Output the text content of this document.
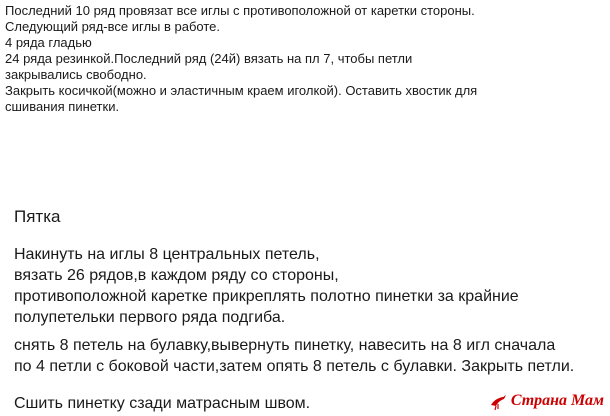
Последний 10 ряд провязат все иглы с противоположной от каретки стороны.
Следующий ряд-все иглы в работе.
4 ряда гладью
24 ряда резинкой.Последний ряд (24й) вязать на пл 7, чтобы петли
закрывались свободно.
Закрыть косичкой(можно и эластичным краем иголкой). Оставить хвостик для
сшивания пинетки.
Пятка
Накинуть на иглы 8 центральных петель,
вязать 26 рядов,в каждом ряду со стороны,
противоположной каретке прикреплять полотно пинетки за крайние
полупетельки первого ряда подгиба.
снять 8 петель на булавку,вывернуть пинетку, навесить на 8 игл сначала
по 4 петли с боковой части,затем опять 8 петель с булавки. Закрыть петли.
Сшить пинетку сзади матрасным швом.	Страна Мам
